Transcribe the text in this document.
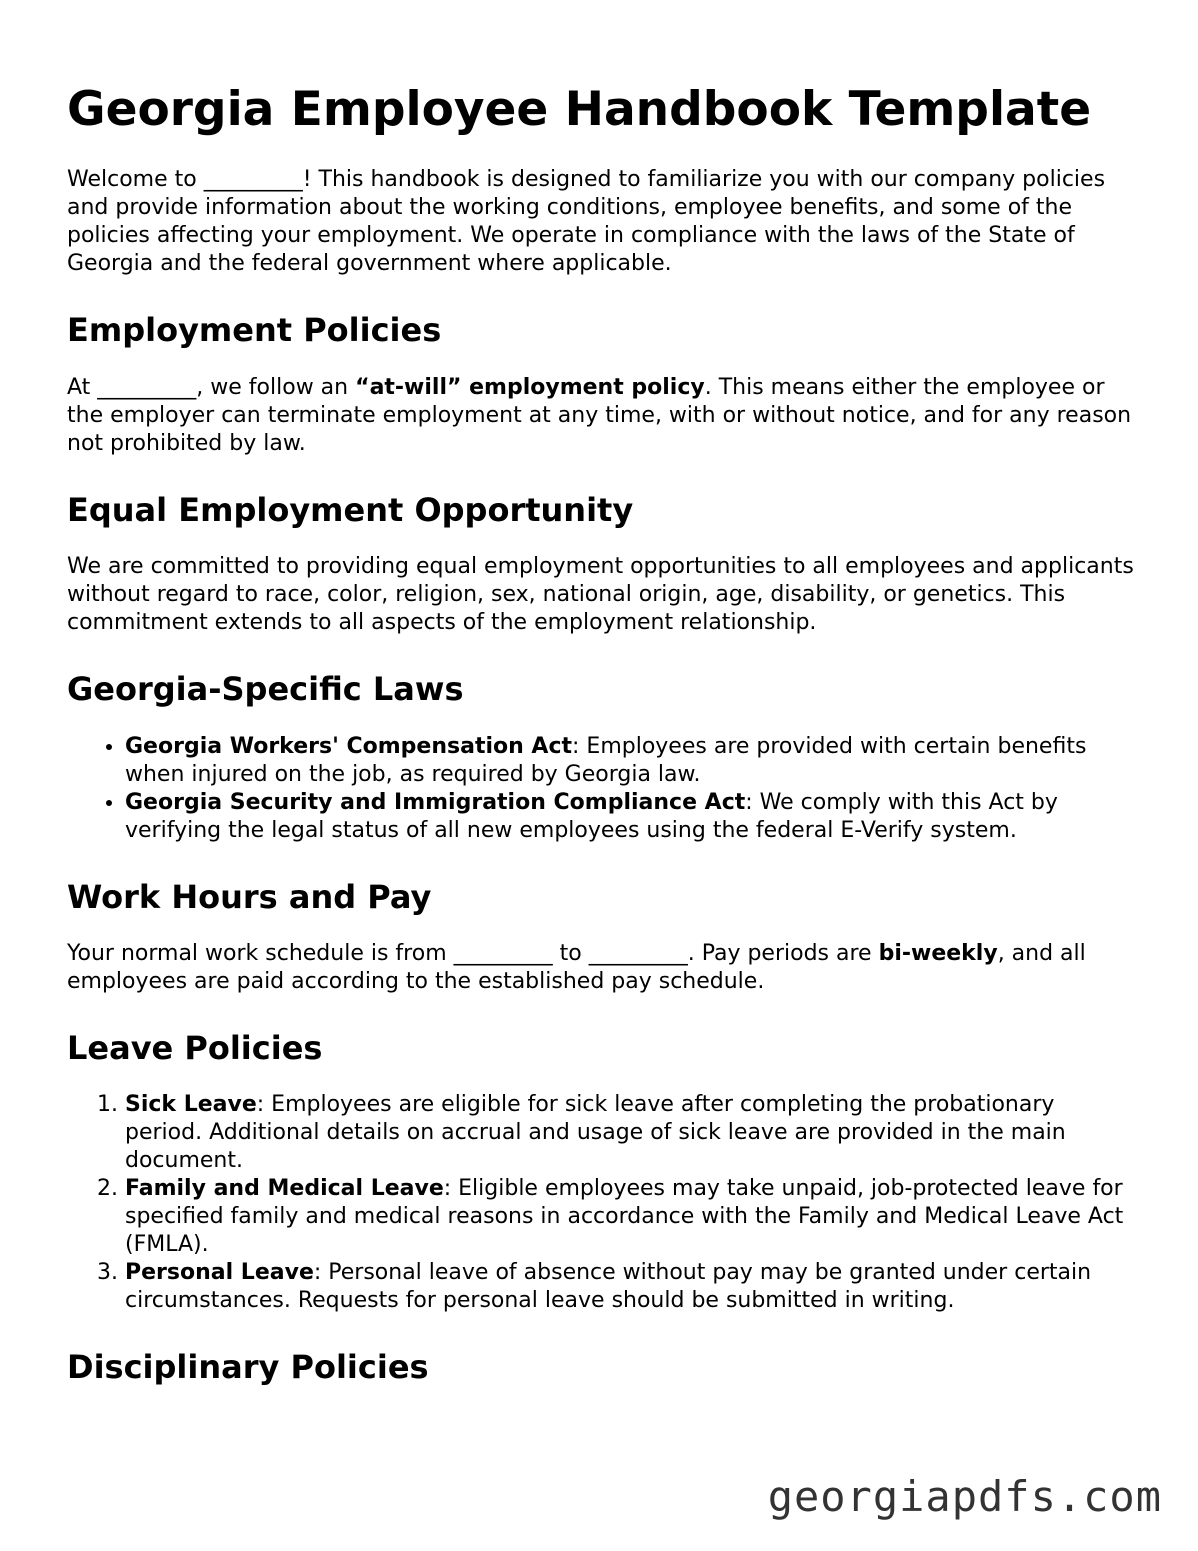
Georgia Employee Handbook Template

Welcome to _________! This handbook is designed to familiarize you with our company policies and provide information about the working conditions, employee benefits, and some of the policies affecting your employment. We operate in compliance with the laws of the State of Georgia and the federal government where applicable.

Employment Policies

At _________, we follow an “at-will” employment policy. This means either the employee or the employer can terminate employment at any time, with or without notice, and for any reason not prohibited by law.

Equal Employment Opportunity

We are committed to providing equal employment opportunities to all employees and applicants without regard to race, color, religion, sex, national origin, age, disability, or genetics. This commitment extends to all aspects of the employment relationship.

Georgia-Specific Laws
• Georgia Workers' Compensation Act: Employees are provided with certain benefits when injured on the job, as required by Georgia law.
• Georgia Security and Immigration Compliance Act: We comply with this Act by verifying the legal status of all new employees using the federal E-Verify system.
Work Hours and Pay

Your normal work schedule is from _________ to _________. Pay periods are bi-weekly, and all employees are paid according to the established pay schedule.

Leave Policies
1. Sick Leave: Employees are eligible for sick leave after completing the probationary period. Additional details on accrual and usage of sick leave are provided in the main document.
2. Family and Medical Leave: Eligible employees may take unpaid, job-protected leave for specified family and medical reasons in accordance with the Family and Medical Leave Act (FMLA).
3. Personal Leave: Personal leave of absence without pay may be granted under certain circumstances. Requests for personal leave should be submitted in writing.
Disciplinary Policies
georgiapdfs.com
